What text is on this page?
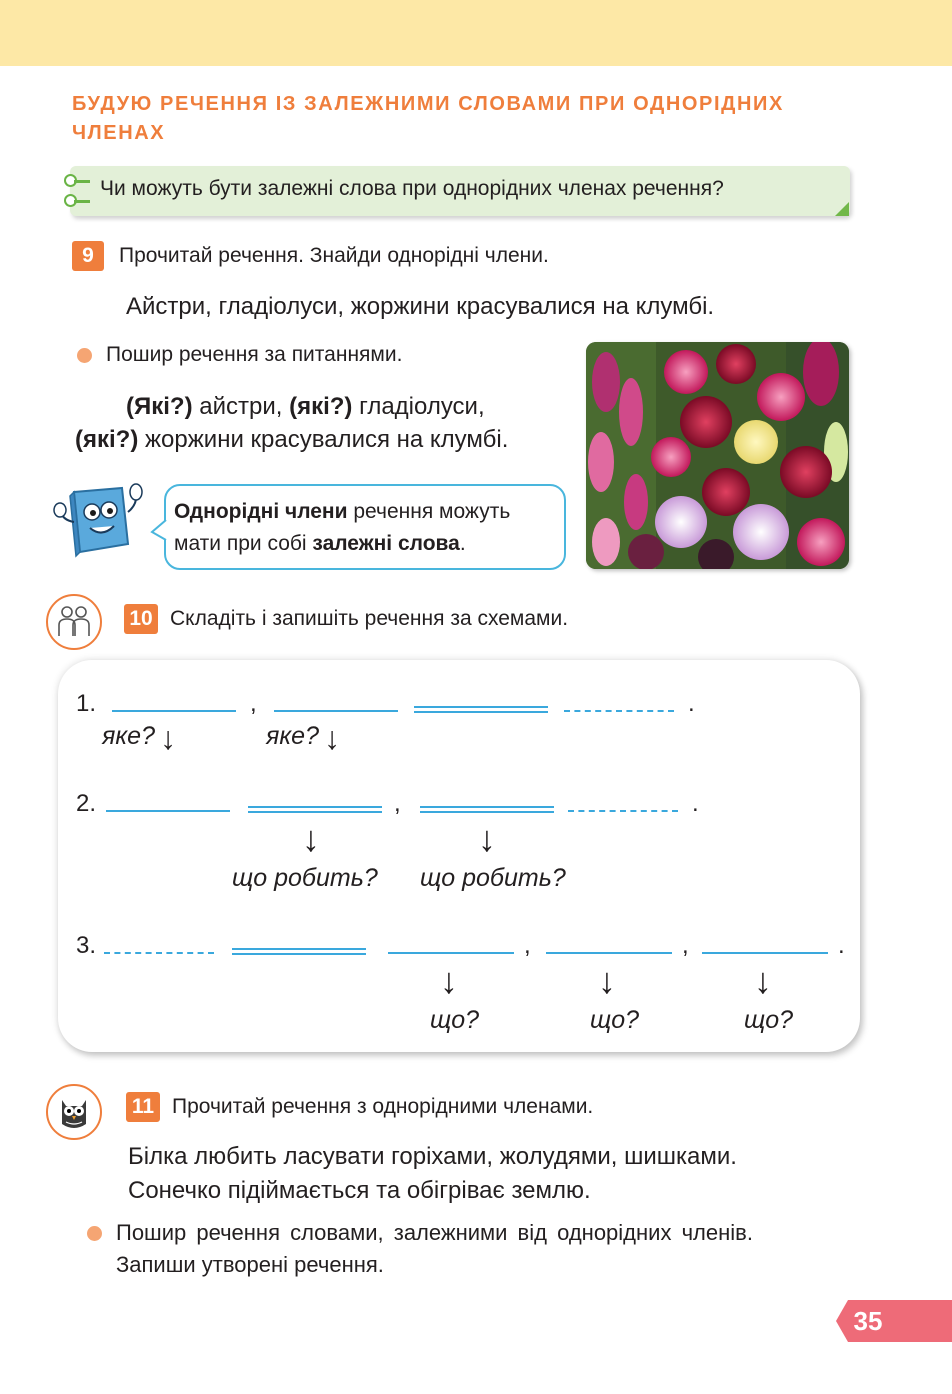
БУДУЮ РЕЧЕННЯ ІЗ ЗАЛЕЖНИМИ СЛОВАМИ ПРИ ОДНОРІДНИХ ЧЛЕНАХ
Чи можуть бути залежні слова при однорідних членах речення?
9	Прочитай речення. Знайди однорідні члени.
Айстри, гладіолуси, жоржини красувалися на клумбі.
Пошир речення за питаннями.
(Які?) айстри, (які?) гладіолуси,
(які?) жоржини красувалися на клумбі.
Однорідні члени речення можуть
мати при собі залежні слова.
10 Складіть і запишіть речення за схемами.
1.	,	.
яке? ↓	яке? ↓
2.	,	.
↓	↓
що робить? що робить?
3.	,	,	.
↓	↓	↓
що?	що?	що?
11 Прочитай речення з однорідними членами.
Білка любить ласувати горіхами, жолудями, шишками.
Сонечко підіймається та обігріває землю.
Пошир речення словами, залежними від однорідних членів.
Запиши утворені речення.
35
